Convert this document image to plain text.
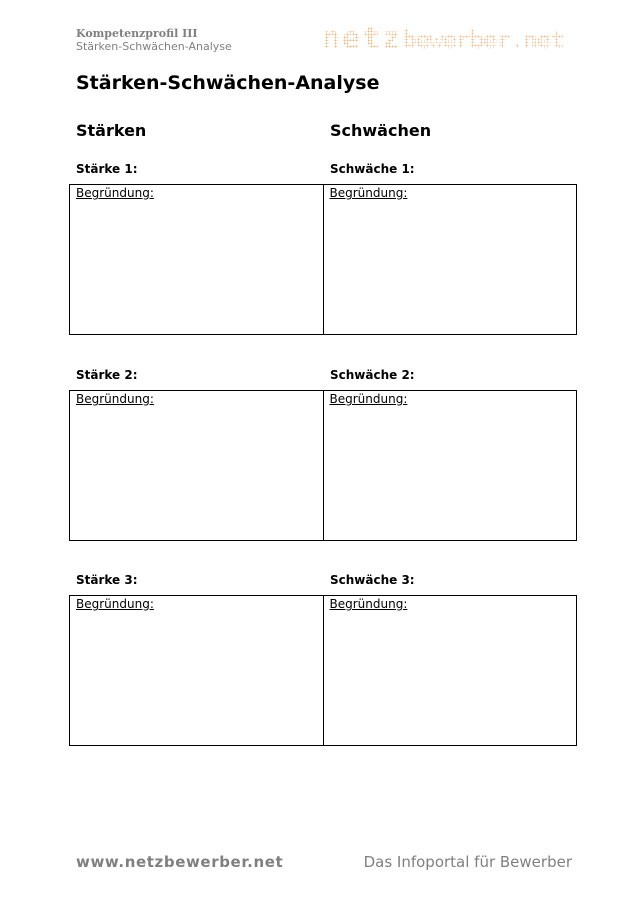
Kompetenzprofil III
Stärken-Schwächen-Analyse	netzbewerber.net
Stärken-Schwächen-Analyse
Stärken	Schwächen
Stärke 1:	Schwäche 1:
Begründung:	Begründung:
Stärke 2:	Schwäche 2:
Begründung:	Begründung:
Stärke 3:	Schwäche 3:
Begründung:	Begründung:
www.netzbewerber.net	Das Infoportal für Bewerber
